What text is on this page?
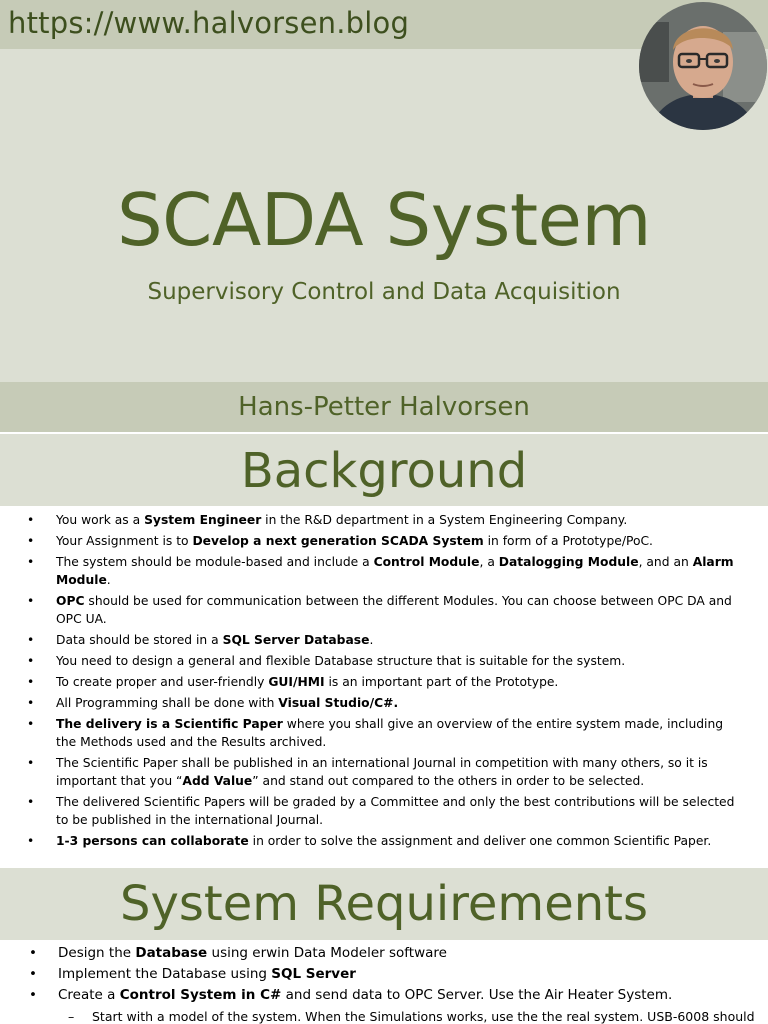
https://www.halvorsen.blog
SCADA System
Supervisory Control and Data Acquisition
Hans-Petter Halvorsen
Background
• You work as a System Engineer in the R&D department in a System Engineering Company.
• Your Assignment is to Develop a next generation SCADA System in form of a Prototype/PoC.
• The system should be module-based and include a Control Module, a Datalogging Module, and an Alarm Module.
• OPC should be used for communication between the different Modules. You can choose between OPC DA and OPC UA.
• Data should be stored in a SQL Server Database.
• You need to design a general and flexible Database structure that is suitable for the system.
• To create proper and user-friendly GUI/HMI is an important part of the Prototype.
• All Programming shall be done with Visual Studio/C#.
• The delivery is a Scientific Paper where you shall give an overview of the entire system made, including the Methods used and the Results archived.
• The Scientific Paper shall be published in an international Journal in competition with many others, so it is important that you “Add Value” and stand out compared to the others in order to be selected.
• The delivered Scientific Papers will be graded by a Committee and only the best contributions will be selected to be published in the international Journal.
• 1-3 persons can collaborate in order to solve the assignment and deliver one common Scientific Paper.
System Requirements
• Design the Database using erwin Data Modeler software
• Implement the Database using SQL Server
• Create a Control System in C# and send data to OPC Server. Use the Air Heater System.
– Start with a model of the system. When the Simulations works, use the the real system. USB-6008 should
